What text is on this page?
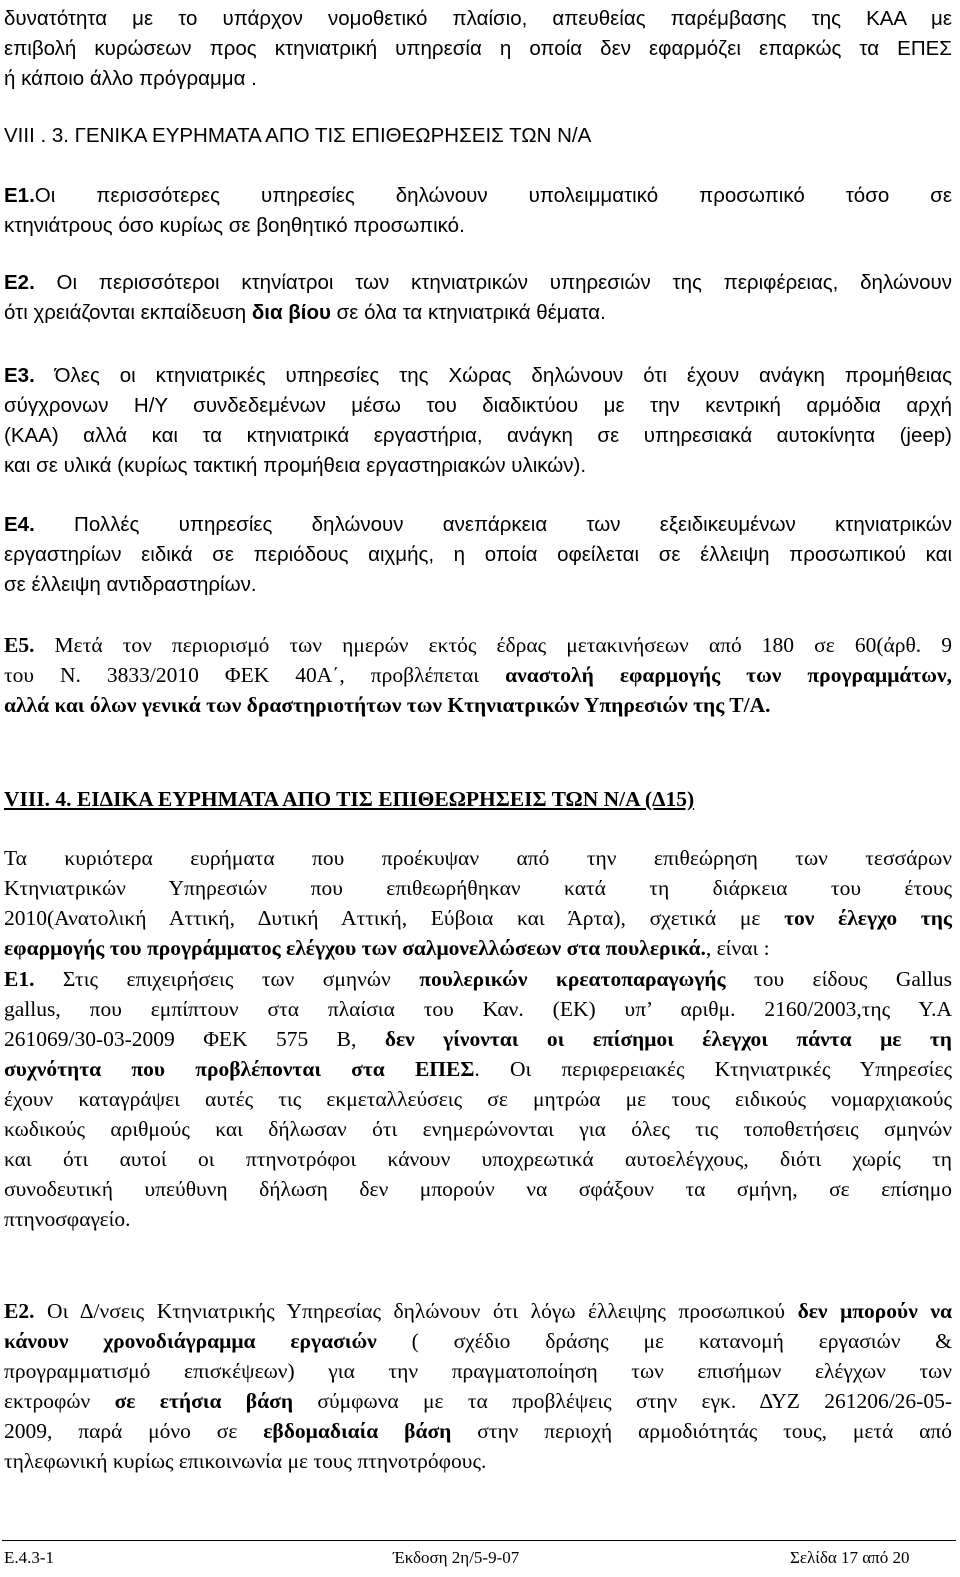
δυνατότητα με το υπάρχον νομοθετικό πλαίσιο, απευθείας παρέμβασης της ΚΑΑ με
επιβολή κυρώσεων προς κτηνιατρική υπηρεσία η οποία δεν εφαρμόζει επαρκώς τα ΕΠΕΣ
ή κάποιο άλλο πρόγραμμα .
VIII . 3. ΓΕΝΙΚΑ ΕΥΡΗΜΑΤΑ ΑΠΟ ΤΙΣ ΕΠΙΘΕΩΡΗΣΕΙΣ ΤΩΝ Ν/Α
Ε1.Οι περισσότερες υπηρεσίες δηλώνουν υπολειμματικό προσωπικό τόσο σε
κτηνιάτρους όσο κυρίως σε βοηθητικό προσωπικό.
Ε2. Οι περισσότεροι κτηνίατροι των κτηνιατρικών υπηρεσιών της περιφέρειας, δηλώνουν
ότι χρειάζονται εκπαίδευση δια βίου σε όλα τα κτηνιατρικά θέματα.
Ε3. Όλες οι κτηνιατρικές υπηρεσίες της Χώρας δηλώνουν ότι έχουν ανάγκη προμήθειας
σύγχρονων Η/Υ συνδεδεμένων μέσω του διαδικτύου με την κεντρική αρμόδια αρχή
(ΚΑΑ) αλλά και τα κτηνιατρικά εργαστήρια, ανάγκη σε υπηρεσιακά αυτοκίνητα (jeep)
και σε υλικά (κυρίως τακτική προμήθεια εργαστηριακών υλικών).
Ε4. Πολλές υπηρεσίες δηλώνουν ανεπάρκεια των εξειδικευμένων κτηνιατρικών
εργαστηρίων ειδικά σε περιόδους αιχμής, η οποία οφείλεται σε έλλειψη προσωπικού και
σε έλλειψη αντιδραστηρίων.
Ε5. Μετά τον περιορισμό των ημερών εκτός έδρας μετακινήσεων από 180 σε 60(άρθ. 9
του Ν. 3833/2010 ΦΕΚ 40Α΄, προβλέπεται αναστολή εφαρμογής των προγραμμάτων,
αλλά και όλων γενικά των δραστηριοτήτων των Κτηνιατρικών Υπηρεσιών της Τ/Α.
VIII. 4. ΕΙΔΙΚΑ ΕΥΡΗΜΑΤΑ ΑΠΟ ΤΙΣ ΕΠΙΘΕΩΡΗΣΕΙΣ ΤΩΝ Ν/Α (Δ15)
Τα κυριότερα ευρήματα που προέκυψαν από την επιθεώρηση των τεσσάρων
Κτηνιατρικών Υπηρεσιών που επιθεωρήθηκαν κατά τη διάρκεια του έτους
2010(Ανατολική Αττική, Δυτική Αττική, Εύβοια και Άρτα), σχετικά με τον έλεγχο της
εφαρμογής του προγράμματος ελέγχου των σαλμονελλώσεων στα πουλερικά., είναι :
Ε1. Στις επιχειρήσεις των σμηνών πουλερικών κρεατοπαραγωγής του είδους Gallus
gallus, που εμπίπτουν στα πλαίσια του Καν. (ΕΚ) υπ’ αριθμ. 2160/2003,της Υ.Α
261069/30-03-2009 ΦΕΚ 575 Β, δεν γίνονται οι επίσημοι έλεγχοι πάντα με τη
συχνότητα που προβλέπονται στα ΕΠΕΣ. Οι περιφερειακές Κτηνιατρικές Υπηρεσίες
έχουν καταγράψει αυτές τις εκμεταλλεύσεις σε μητρώα με τους ειδικούς νομαρχιακούς
κωδικούς αριθμούς και δήλωσαν ότι ενημερώνονται για όλες τις τοποθετήσεις σμηνών
και ότι αυτοί οι πτηνοτρόφοι κάνουν υποχρεωτικά αυτοελέγχους, διότι χωρίς τη
συνοδευτική υπεύθυνη δήλωση δεν μπορούν να σφάξουν τα σμήνη, σε επίσημο
πτηνοσφαγείο.
Ε2. Οι Δ/νσεις Κτηνιατρικής Υπηρεσίας δηλώνουν ότι λόγω έλλειψης προσωπικού δεν μπορούν να
κάνουν χρονοδιάγραμμα εργασιών ( σχέδιο δράσης με κατανομή εργασιών &
προγραμματισμό επισκέψεων) για την πραγματοποίηση των επισήμων ελέγχων των
εκτροφών σε ετήσια βάση σύμφωνα με τα προβλέψεις στην εγκ. ΔΥΖ 261206/26-05-
2009, παρά μόνο σε εβδομαδιαία βάση στην περιοχή αρμοδιότητάς τους, μετά από
τηλεφωνική κυρίως επικοινωνία με τους πτηνοτρόφους.
Ε.4.3-1	Έκδοση 2η/5-9-07	Σελίδα 17 από 20
